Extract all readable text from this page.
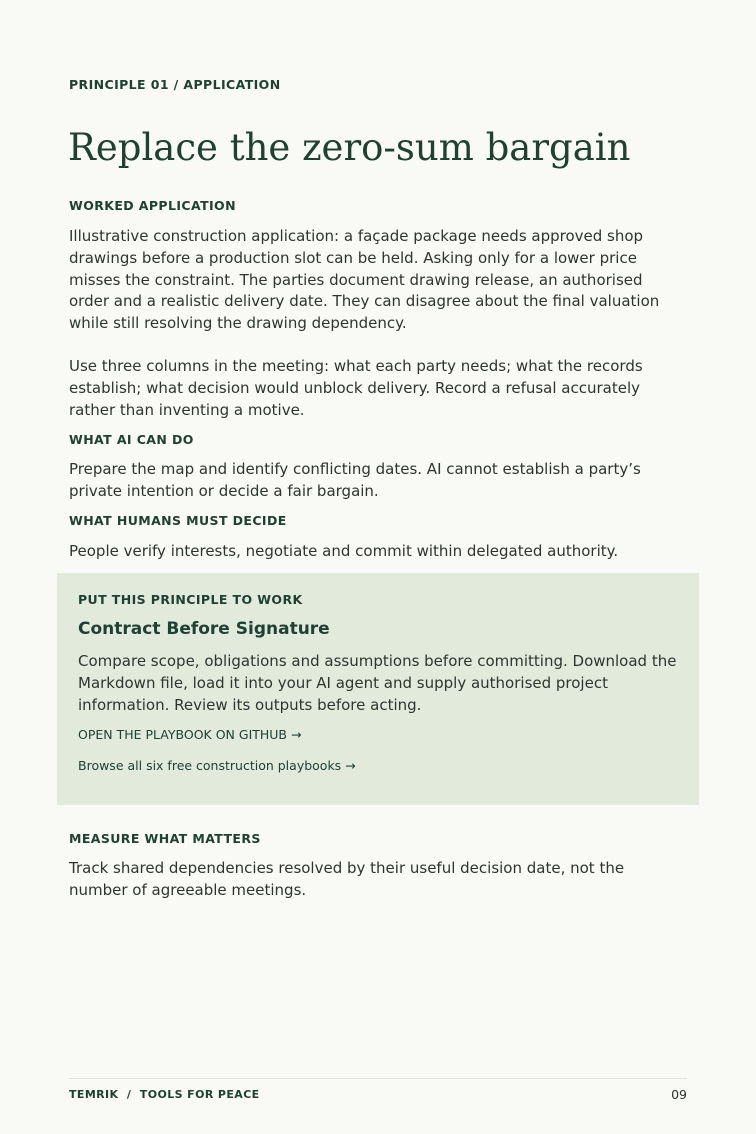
PRINCIPLE 01 / APPLICATION
Replace the zero-sum bargain
WORKED APPLICATION

Illustrative construction application: a façade package needs approved shop drawings before a production slot can be held. Asking only for a lower price misses the constraint. The parties document drawing release, an authorised order and a realistic delivery date. They can disagree about the final valuation while still resolving the drawing dependency.

Use three columns in the meeting: what each party needs; what the records establish; what decision would unblock delivery. Record a refusal accurately rather than inventing a motive.

WHAT AI CAN DO

Prepare the map and identify conflicting dates. AI cannot establish a party’s private intention or decide a fair bargain.

WHAT HUMANS MUST DECIDE

People verify interests, negotiate and commit within delegated authority.

PUT THIS PRINCIPLE TO WORK
Contract Before Signature

Compare scope, obligations and assumptions before committing. Download the Markdown file, load it into your AI agent and supply authorised project information. Review its outputs before acting.

OPEN THE PLAYBOOK ON GITHUB →
Browse all six free construction playbooks →
MEASURE WHAT MATTERS

Track shared dependencies resolved by their useful decision date, not the number of agreeable meetings.

TEMRIK  /  TOOLS FOR PEACE	09
